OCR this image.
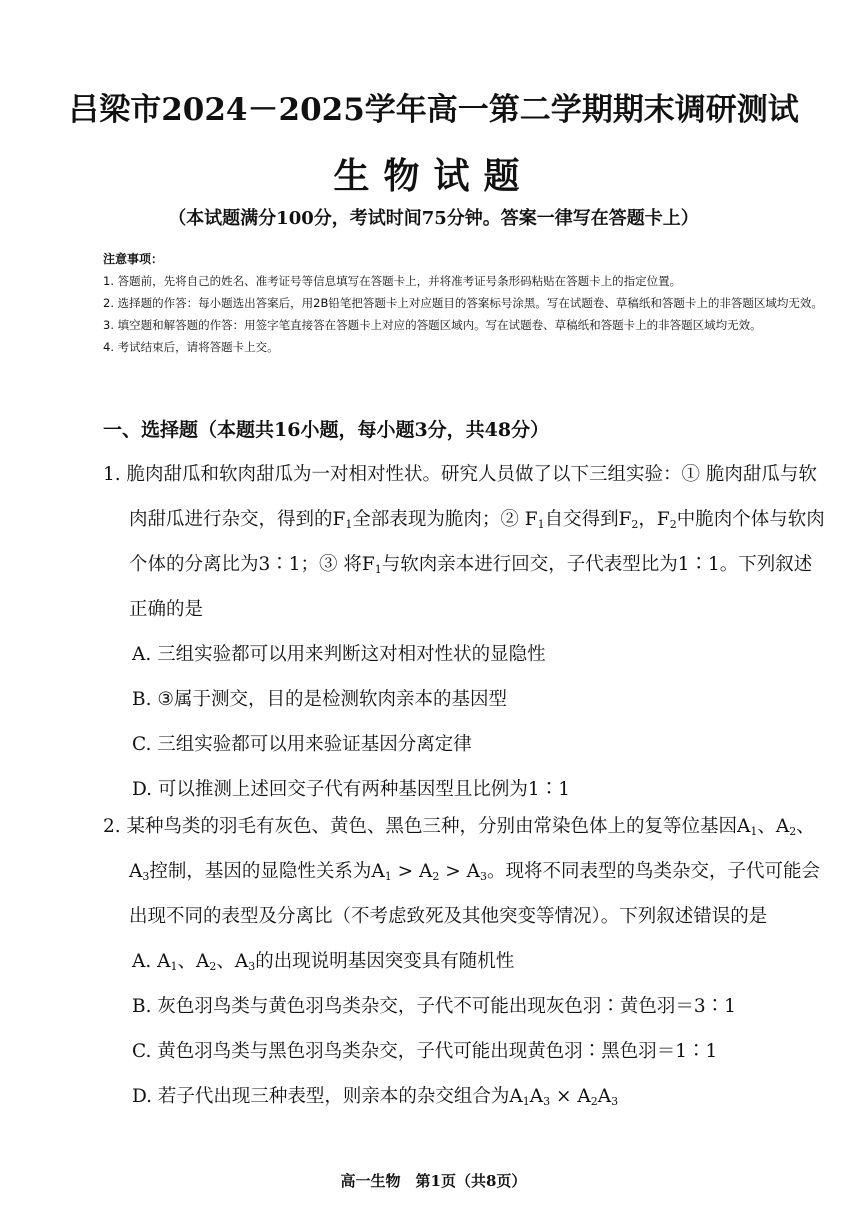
吕梁市2024－2025学年高一第二学期期末调研测试
生物试题
（本试题满分100分，考试时间75分钟。答案一律写在答题卡上）
注意事项：
1. 答题前，先将自己的姓名、准考证号等信息填写在答题卡上，并将准考证号条形码粘贴在答题卡上的指定位置。
2. 选择题的作答：每小题选出答案后，用2B铅笔把答题卡上对应题目的答案标号涂黑。写在试题卷、草稿纸和答题卡上的非答题区域均无效。
3. 填空题和解答题的作答：用签字笔直接答在答题卡上对应的答题区域内。写在试题卷、草稿纸和答题卡上的非答题区域均无效。
4. 考试结束后，请将答题卡上交。
一、选择题（本题共16小题，每小题3分，共48分）
1. 脆肉甜瓜和软肉甜瓜为一对相对性状。研究人员做了以下三组实验：① 脆肉甜瓜与软肉甜瓜进行杂交，得到的$F_1$全部表现为脆肉；② $F_1$自交得到$F_2$，$F_2$中脆肉个体与软肉个体的分离比为3∶1；③ 将$F_1$与软肉亲本进行回交，子代表型比为1∶1。下列叙述正确的是
A. 三组实验都可以用来判断这对相对性状的显隐性
B. ③属于测交，目的是检测软肉亲本的基因型
C. 三组实验都可以用来验证基因分离定律
D. 可以推测上述回交子代有两种基因型且比例为1∶1
2. 某种鸟类的羽毛有灰色、黄色、黑色三种，分别由常染色体上的复等位基因$A_1$、$A_2$、$A_3$控制，基因的显隐性关系为$A_1 > A_2 > A_3$。现将不同表型的鸟类杂交，子代可能会出现不同的表型及分离比（不考虑致死及其他突变等情况）。下列叙述错误的是
A. $A_1$、$A_2$、$A_3$的出现说明基因突变具有随机性
B. 灰色羽鸟类与黄色羽鸟类杂交，子代不可能出现灰色羽∶黄色羽＝3∶1
C. 黄色羽鸟类与黑色羽鸟类杂交，子代可能出现黄色羽∶黑色羽＝1∶1
D. 若子代出现三种表型，则亲本的杂交组合为$A_1A_3 \times A_2A_3$
高一生物　第1页（共8页）
